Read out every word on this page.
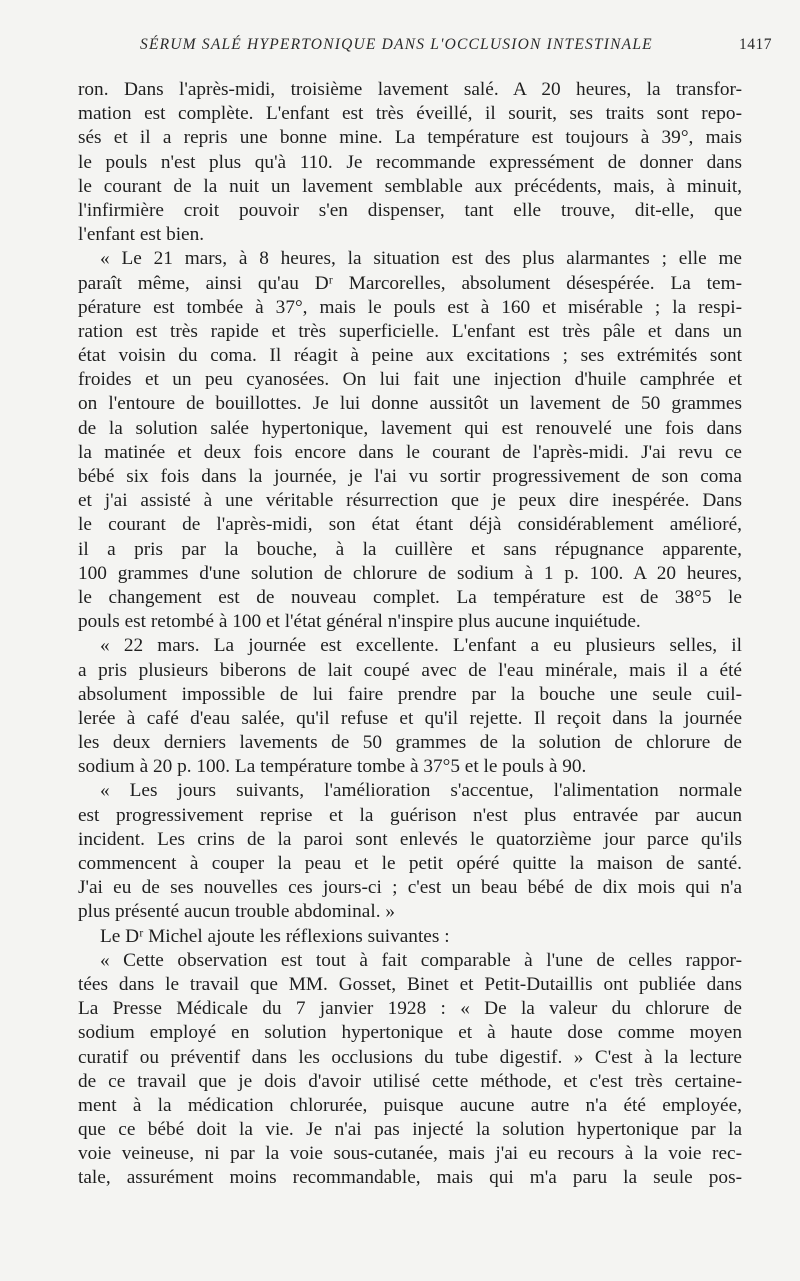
SÉRUM SALÉ HYPERTONIQUE DANS L'OCCLUSION INTESTINALE	1417
ron. Dans l'après-midi, troisième lavement salé. A 20 heures, la transfor-
mation est complète. L'enfant est très éveillé, il sourit, ses traits sont repo-
sés et il a repris une bonne mine. La température est toujours à 39°, mais
le pouls n'est plus qu'à 110. Je recommande expressément de donner dans
le courant de la nuit un lavement semblable aux précédents, mais, à minuit,
l'infirmière croit pouvoir s'en dispenser, tant elle trouve, dit-elle, que
l'enfant est bien.
« Le 21 mars, à 8 heures, la situation est des plus alarmantes ; elle me
paraît même, ainsi qu'au Dʳ Marcorelles, absolument désespérée. La tem-
pérature est tombée à 37°, mais le pouls est à 160 et misérable ; la respi-
ration est très rapide et très superficielle. L'enfant est très pâle et dans un
état voisin du coma. Il réagit à peine aux excitations ; ses extrémités sont
froides et un peu cyanosées. On lui fait une injection d'huile camphrée et
on l'entoure de bouillottes. Je lui donne aussitôt un lavement de 50 grammes
de la solution salée hypertonique, lavement qui est renouvelé une fois dans
la matinée et deux fois encore dans le courant de l'après-midi. J'ai revu ce
bébé six fois dans la journée, je l'ai vu sortir progressivement de son coma
et j'ai assisté à une véritable résurrection que je peux dire inespérée. Dans
le courant de l'après-midi, son état étant déjà considérablement amélioré,
il a pris par la bouche, à la cuillère et sans répugnance apparente,
100 grammes d'une solution de chlorure de sodium à 1 p. 100. A 20 heures,
le changement est de nouveau complet. La température est de 38°5 le
pouls est retombé à 100 et l'état général n'inspire plus aucune inquiétude.
« 22 mars. La journée est excellente. L'enfant a eu plusieurs selles, il
a pris plusieurs biberons de lait coupé avec de l'eau minérale, mais il a été
absolument impossible de lui faire prendre par la bouche une seule cuil-
lerée à café d'eau salée, qu'il refuse et qu'il rejette. Il reçoit dans la journée
les deux derniers lavements de 50 grammes de la solution de chlorure de
sodium à 20 p. 100. La température tombe à 37°5 et le pouls à 90.
« Les jours suivants, l'amélioration s'accentue, l'alimentation normale
est progressivement reprise et la guérison n'est plus entravée par aucun
incident. Les crins de la paroi sont enlevés le quatorzième jour parce qu'ils
commencent à couper la peau et le petit opéré quitte la maison de santé.
J'ai eu de ses nouvelles ces jours-ci ; c'est un beau bébé de dix mois qui n'a
plus présenté aucun trouble abdominal. »
Le Dʳ Michel ajoute les réflexions suivantes :
« Cette observation est tout à fait comparable à l'une de celles rappor-
tées dans le travail que MM. Gosset, Binet et Petit-Dutaillis ont publiée dans
La Presse Médicale du 7 janvier 1928 : « De la valeur du chlorure de
sodium employé en solution hypertonique et à haute dose comme moyen
curatif ou préventif dans les occlusions du tube digestif. » C'est à la lecture
de ce travail que je dois d'avoir utilisé cette méthode, et c'est très certaine-
ment à la médication chlorurée, puisque aucune autre n'a été employée,
que ce bébé doit la vie. Je n'ai pas injecté la solution hypertonique par la
voie veineuse, ni par la voie sous-cutanée, mais j'ai eu recours à la voie rec-
tale, assurément moins recommandable, mais qui m'a paru la seule pos-
